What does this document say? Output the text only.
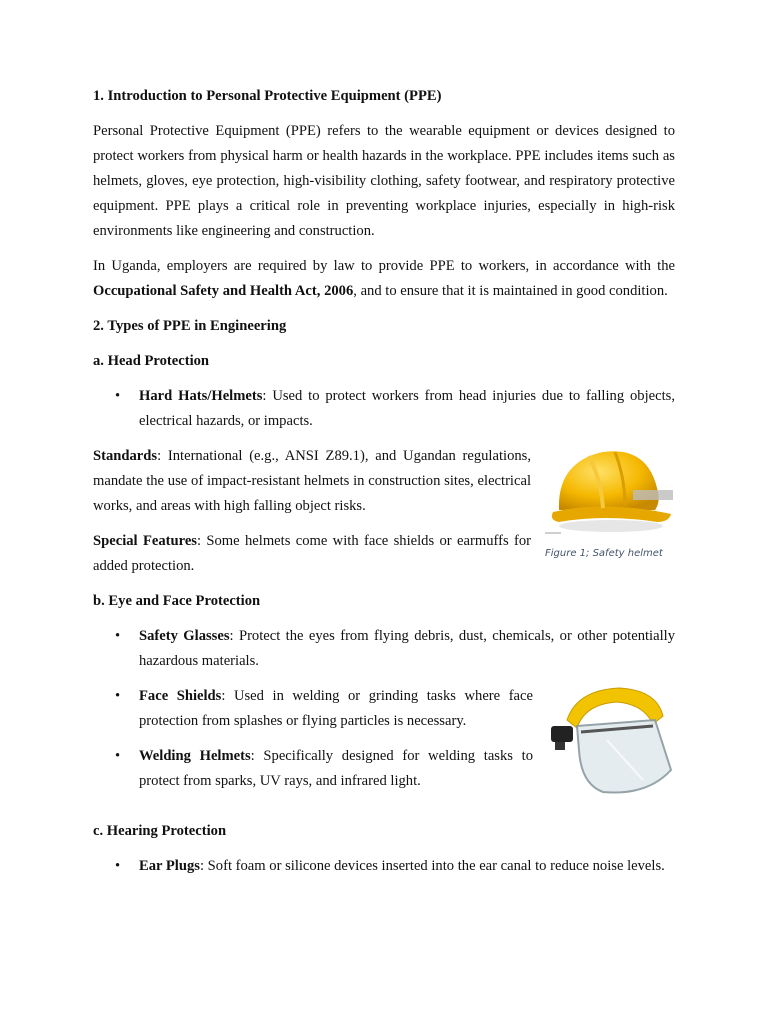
1. Introduction to Personal Protective Equipment (PPE)

Personal Protective Equipment (PPE) refers to the wearable equipment or devices designed to protect workers from physical harm or health hazards in the workplace. PPE includes items such as helmets, gloves, eye protection, high-visibility clothing, safety footwear, and respiratory protective equipment. PPE plays a critical role in preventing workplace injuries, especially in high-risk environments like engineering and construction.

In Uganda, employers are required by law to provide PPE to workers, in accordance with the Occupational Safety and Health Act, 2006, and to ensure that it is maintained in good condition.

2. Types of PPE in Engineering
a. Head Protection

• Hard Hats/Helmets: Used to protect workers from head injuries due to falling objects, electrical hazards, or impacts.

Figure 1; Safety helmet

Standards: International (e.g., ANSI Z89.1), and Ugandan regulations, mandate the use of impact-resistant helmets in construction sites, electrical works, and areas with high falling object risks.

Special Features: Some helmets come with face shields or earmuffs for added protection.

b. Eye and Face Protection

• Safety Glasses: Protect the eyes from flying debris, dust, chemicals, or other potentially hazardous materials.

• Face Shields: Used in welding or grinding tasks where face protection from splashes or flying particles is necessary.

• Welding Helmets: Specifically designed for welding tasks to protect from sparks, UV rays, and infrared light.

c. Hearing Protection

• Ear Plugs: Soft foam or silicone devices inserted into the ear canal to reduce noise levels.
